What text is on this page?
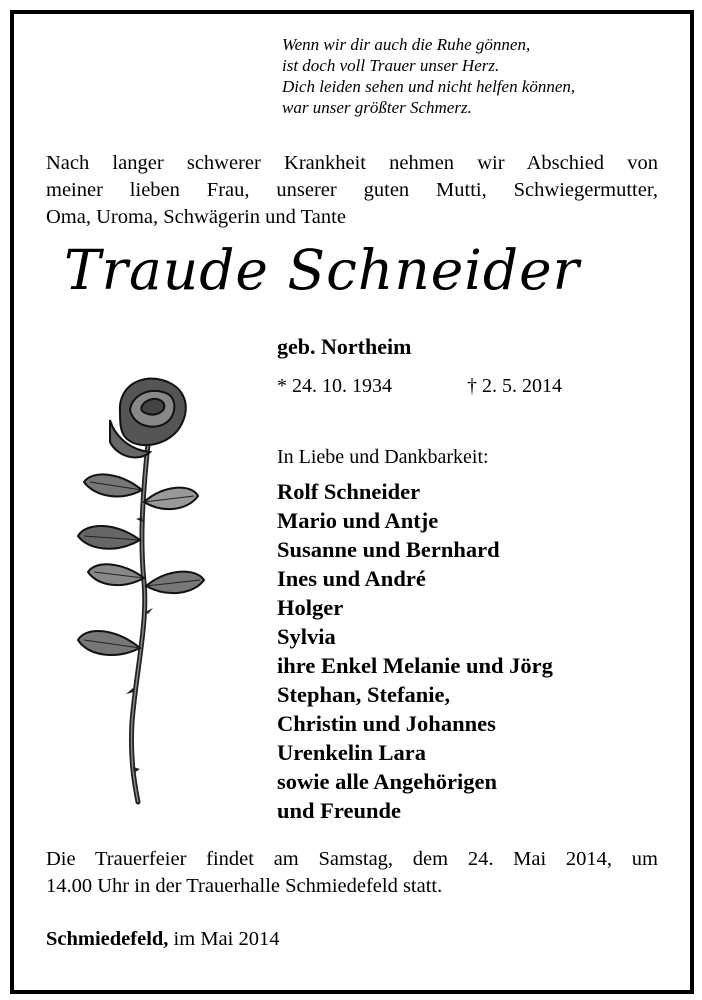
Wenn wir dir auch die Ruhe gönnen,
ist doch voll Trauer unser Herz.
Dich leiden sehen und nicht helfen können,
war unser größter Schmerz.
Nach langer schwerer Krankheit nehmen wir Abschied von
meiner lieben Frau, unserer guten Mutti, Schwiegermutter,
Oma, Uroma, Schwägerin und Tante
Traude Schneider
geb. Northeim
* 24. 10. 1934	† 2. 5. 2014
In Liebe und Dankbarkeit:
Rolf Schneider
Mario und Antje
Susanne und Bernhard
Ines und André
Holger
Sylvia
ihre Enkel Melanie und Jörg
Stephan, Stefanie,
Christin und Johannes
Urenkelin Lara
sowie alle Angehörigen
und Freunde
Die Trauerfeier findet am Samstag, dem 24. Mai 2014, um
14.00 Uhr in der Trauerhalle Schmiedefeld statt.
Schmiedefeld, im Mai 2014
